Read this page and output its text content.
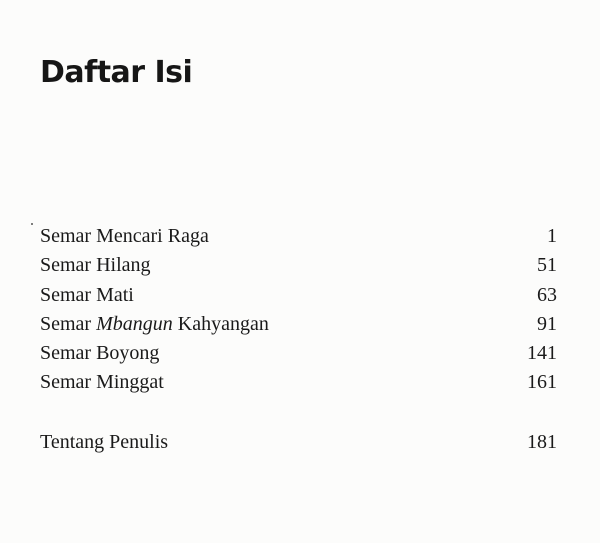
Daftar Isi
Semar Mencari Raga	1
Semar Hilang	51
Semar Mati	63
Semar Mbangun Kahyangan	91
Semar Boyong	141
Semar Minggat	161
Tentang Penulis	181
